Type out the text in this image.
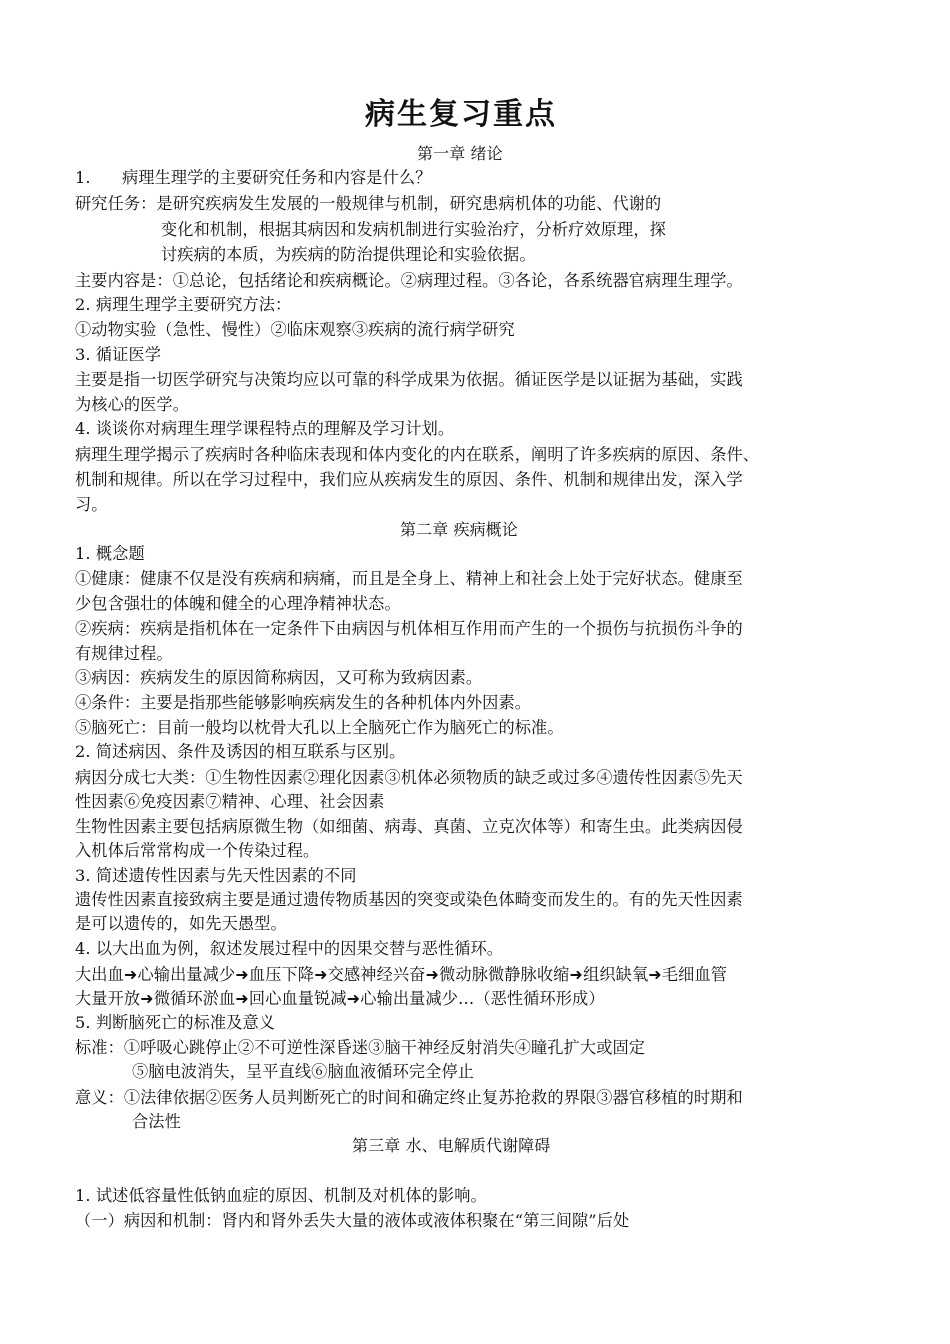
病生复习重点
第一章 绪论
1. 病理生理学的主要研究任务和内容是什么？
研究任务：是研究疾病发生发展的一般规律与机制，研究患病机体的功能、代谢的
变化和机制，根据其病因和发病机制进行实验治疗，分析疗效原理，探
讨疾病的本质，为疾病的防治提供理论和实验依据。
主要内容是：①总论，包括绪论和疾病概论。②病理过程。③各论，各系统器官病理生理学。
2. 病理生理学主要研究方法：
①动物实验（急性、慢性）②临床观察③疾病的流行病学研究
3. 循证医学
主要是指一切医学研究与决策均应以可靠的科学成果为依据。循证医学是以证据为基础，实践
为核心的医学。
4. 谈谈你对病理生理学课程特点的理解及学习计划。
病理生理学揭示了疾病时各种临床表现和体内变化的内在联系，阐明了许多疾病的原因、条件、
机制和规律。所以在学习过程中，我们应从疾病发生的原因、条件、机制和规律出发，深入学
习。
第二章 疾病概论
1. 概念题
①健康：健康不仅是没有疾病和病痛，而且是全身上、精神上和社会上处于完好状态。健康至
少包含强壮的体魄和健全的心理净精神状态。
②疾病：疾病是指机体在一定条件下由病因与机体相互作用而产生的一个损伤与抗损伤斗争的
有规律过程。
③病因：疾病发生的原因简称病因，又可称为致病因素。
④条件：主要是指那些能够影响疾病发生的各种机体内外因素。
⑤脑死亡：目前一般均以枕骨大孔以上全脑死亡作为脑死亡的标准。
2. 简述病因、条件及诱因的相互联系与区别。
病因分成七大类：①生物性因素②理化因素③机体必须物质的缺乏或过多④遗传性因素⑤先天
性因素⑥免疫因素⑦精神、心理、社会因素
生物性因素主要包括病原微生物（如细菌、病毒、真菌、立克次体等）和寄生虫。此类病因侵
入机体后常常构成一个传染过程。
3. 简述遗传性因素与先天性因素的不同
遗传性因素直接致病主要是通过遗传物质基因的突变或染色体畸变而发生的。有的先天性因素
是可以遗传的，如先天愚型。
4. 以大出血为例，叙述发展过程中的因果交替与恶性循环。
大出血➜心输出量减少➜血压下降➜交感神经兴奋➜微动脉微静脉收缩➜组织缺氧➜毛细血管
大量开放➜微循环淤血➜回心血量锐减➜心输出量减少…（恶性循环形成）
5. 判断脑死亡的标准及意义
标准：①呼吸心跳停止②不可逆性深昏迷③脑干神经反射消失④瞳孔扩大或固定
⑤脑电波消失，呈平直线⑥脑血液循环完全停止
意义：①法律依据②医务人员判断死亡的时间和确定终止复苏抢救的界限③器官移植的时期和
合法性
第三章 水、电解质代谢障碍
1. 试述低容量性低钠血症的原因、机制及对机体的影响。
（一）病因和机制：肾内和肾外丢失大量的液体或液体积聚在“第三间隙”后处
